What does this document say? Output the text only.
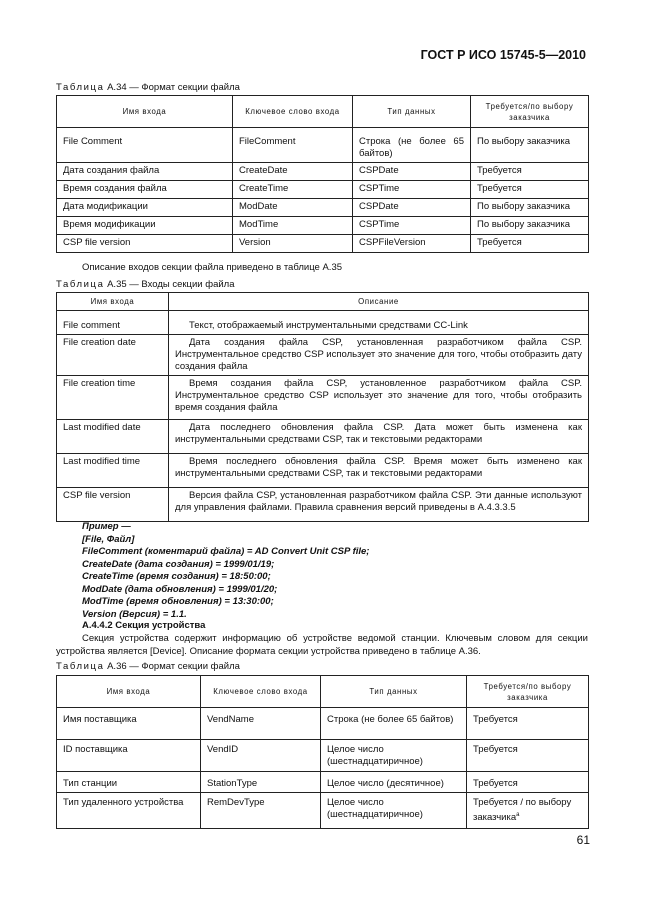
ГОСТ Р ИСО 15745-5—2010
Таблица А.34 — Формат секции файла
Имя входа	Ключевое слово входа	Тип данных	Требуется/по выбору заказчика
File Comment	FileComment	Строка (не более 65 байтов)	По выбору заказчика
Дата создания файла	CreateDate	CSPDate	Требуется
Время создания файла	CreateTime	CSPTime	Требуется
Дата модификации	ModDate	CSPDate	По выбору заказчика
Время модификации	ModTime	CSPTime	По выбору заказчика
CSP file version	Version	CSPFileVersion	Требуется
Описание входов секции файла приведено в таблице А.35
Таблица А.35 — Входы секции файла
Имя входа	Описание
File comment	Текст, отображаемый инструментальными средствами CC-Link
File creation date	Дата создания файла CSP, установленная разработчиком файла CSP. Инструментальное средство CSP использует это значение для того, чтобы отобразить дату создания файла
File creation time	Время создания файла CSP, установленное разработчиком файла CSP. Инструментальное средство CSP использует это значение для того, чтобы отобразить время создания файла
Last modified date	Дата последнего обновления файла CSP. Дата может быть изменена как инструментальными средствами CSP, так и текстовыми редакторами
Last modified time	Время последнего обновления файла CSP. Время может быть изменено как инструментальными средствами CSP, так и текстовыми редакторами
CSP file version	Версия файла CSP, установленная разработчиком файла CSP. Эти данные используют для управления файлами. Правила сравнения версий приведены в А.4.3.3.5
Пример —
[File, Файл]
FileComment (коментарий файла) = AD Convert Unit CSP file;
CreateDate (дата создания) = 1999/01/19;
CreateTime (время создания) = 18:50:00;
ModDate (дата обновления) = 1999/01/20;
ModTime (время обновления) = 13:30:00;
Version (Версия) = 1.1.
А.4.4.2 Секция устройства
Секция устройства содержит информацию об устройстве ведомой станции. Ключевым словом для секции устройства является [Device]. Описание формата секции устройства приведено в таблице А.36.
Таблица А.36 — Формат секции файла
Имя входа	Ключевое слово входа	Тип данных	Требуется/по выбору заказчика
Имя поставщика	VendName	Строка (не более 65 байтов)	Требуется
ID поставщика	VendID	Целое число (шестнадцатиричное)	Требуется
Тип станции	StationType	Целое число (десятичное)	Требуется
Тип удаленного устройства	RemDevType	Целое число (шестнадцатиричное)	Требуется / по выбору заказчика$^а$
61
